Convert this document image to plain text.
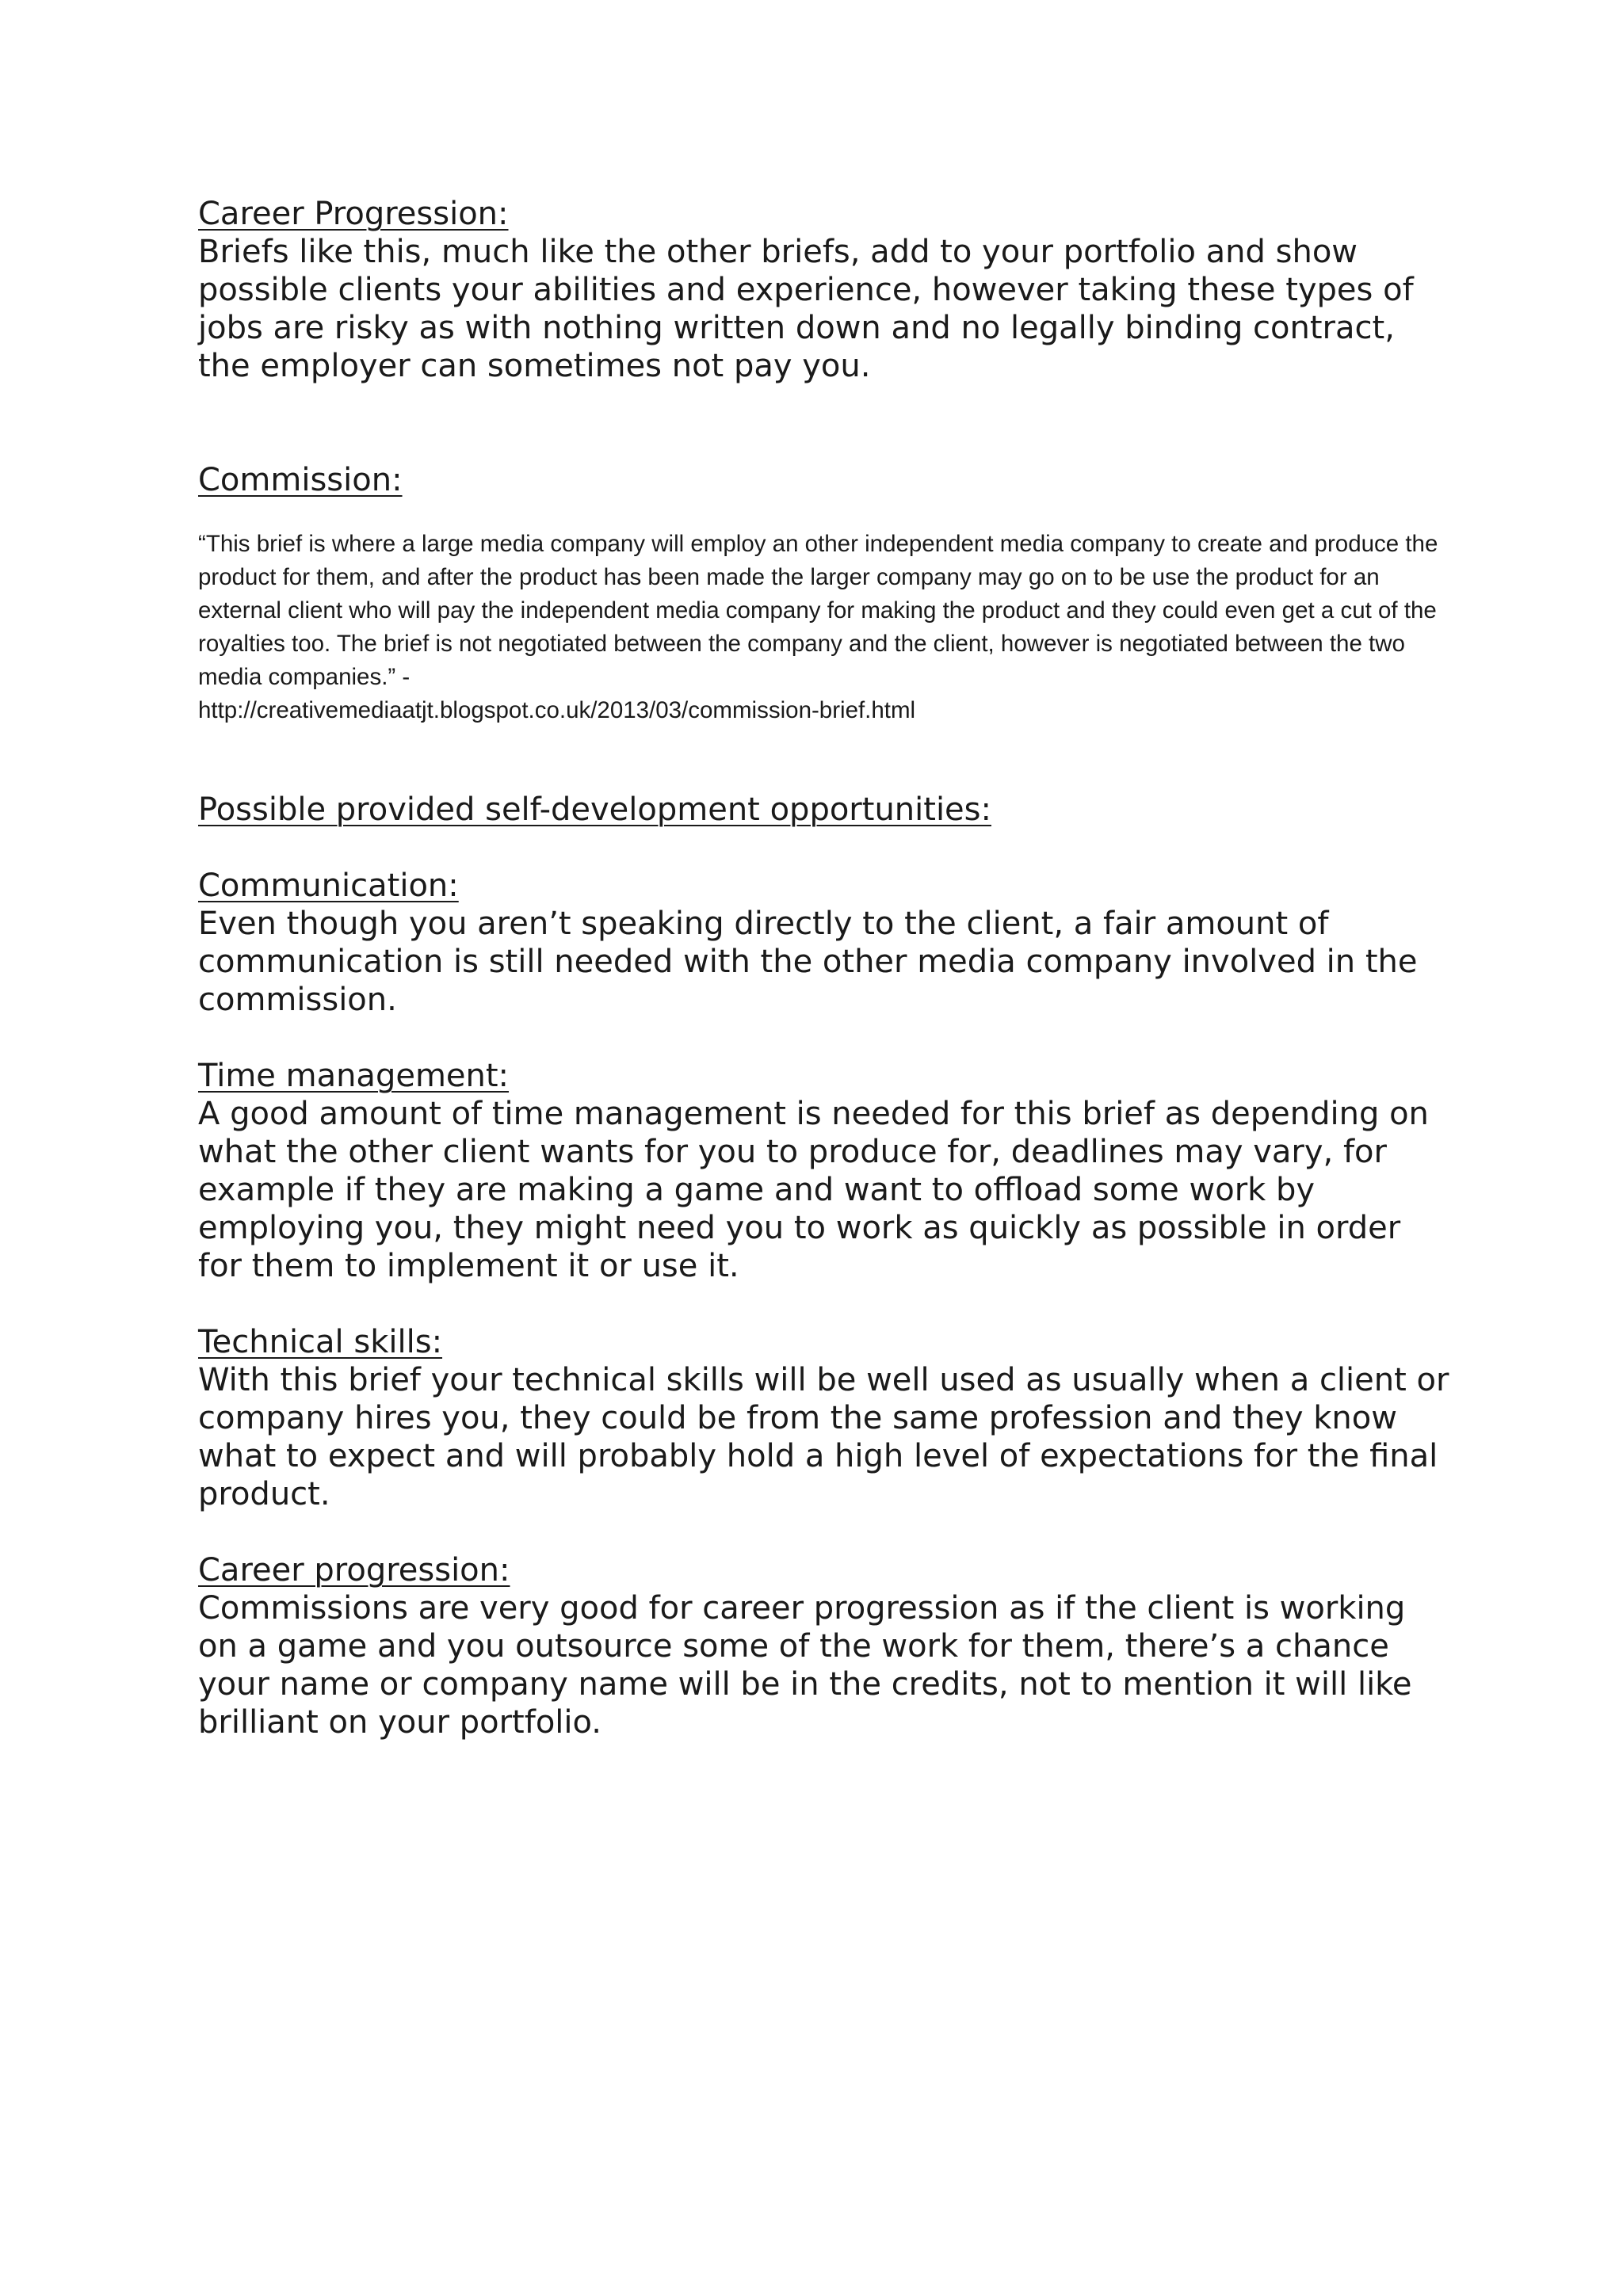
Career Progression:

Briefs like this, much like the other briefs, add to your portfolio and show possible clients your abilities and experience, however taking these types of jobs are risky as with nothing written down and no legally binding contract, the employer can sometimes not pay you.

Commission:

“This brief is where a large media company will employ an other independent media company to create and produce the product for them, and after the product has been made the larger company may go on to be use the product for an external client who will pay the independent media company for making the product and they could even get a cut of the royalties too. The brief is not negotiated between the company and the client, however is negotiated between the two media companies.” -
http://creativemediaatjt.blogspot.co.uk/2013/03/commission-brief.html

Possible provided self-development opportunities:
Communication:

Even though you aren’t speaking directly to the client, a fair amount of communication is still needed with the other media company involved in the commission.

Time management:

A good amount of time management is needed for this brief as depending on what the other client wants for you to produce for, deadlines may vary, for example if they are making a game and want to offload some work by employing you, they might need you to work as quickly as possible in order for them to implement it or use it.

Technical skills:

With this brief your technical skills will be well used as usually when a client or company hires you, they could be from the same profession and they know what to expect and will probably hold a high level of expectations for the final product.

Career progression:

Commissions are very good for career progression as if the client is working on a game and you outsource some of the work for them, there’s a chance your name or company name will be in the credits, not to mention it will like brilliant on your portfolio.
